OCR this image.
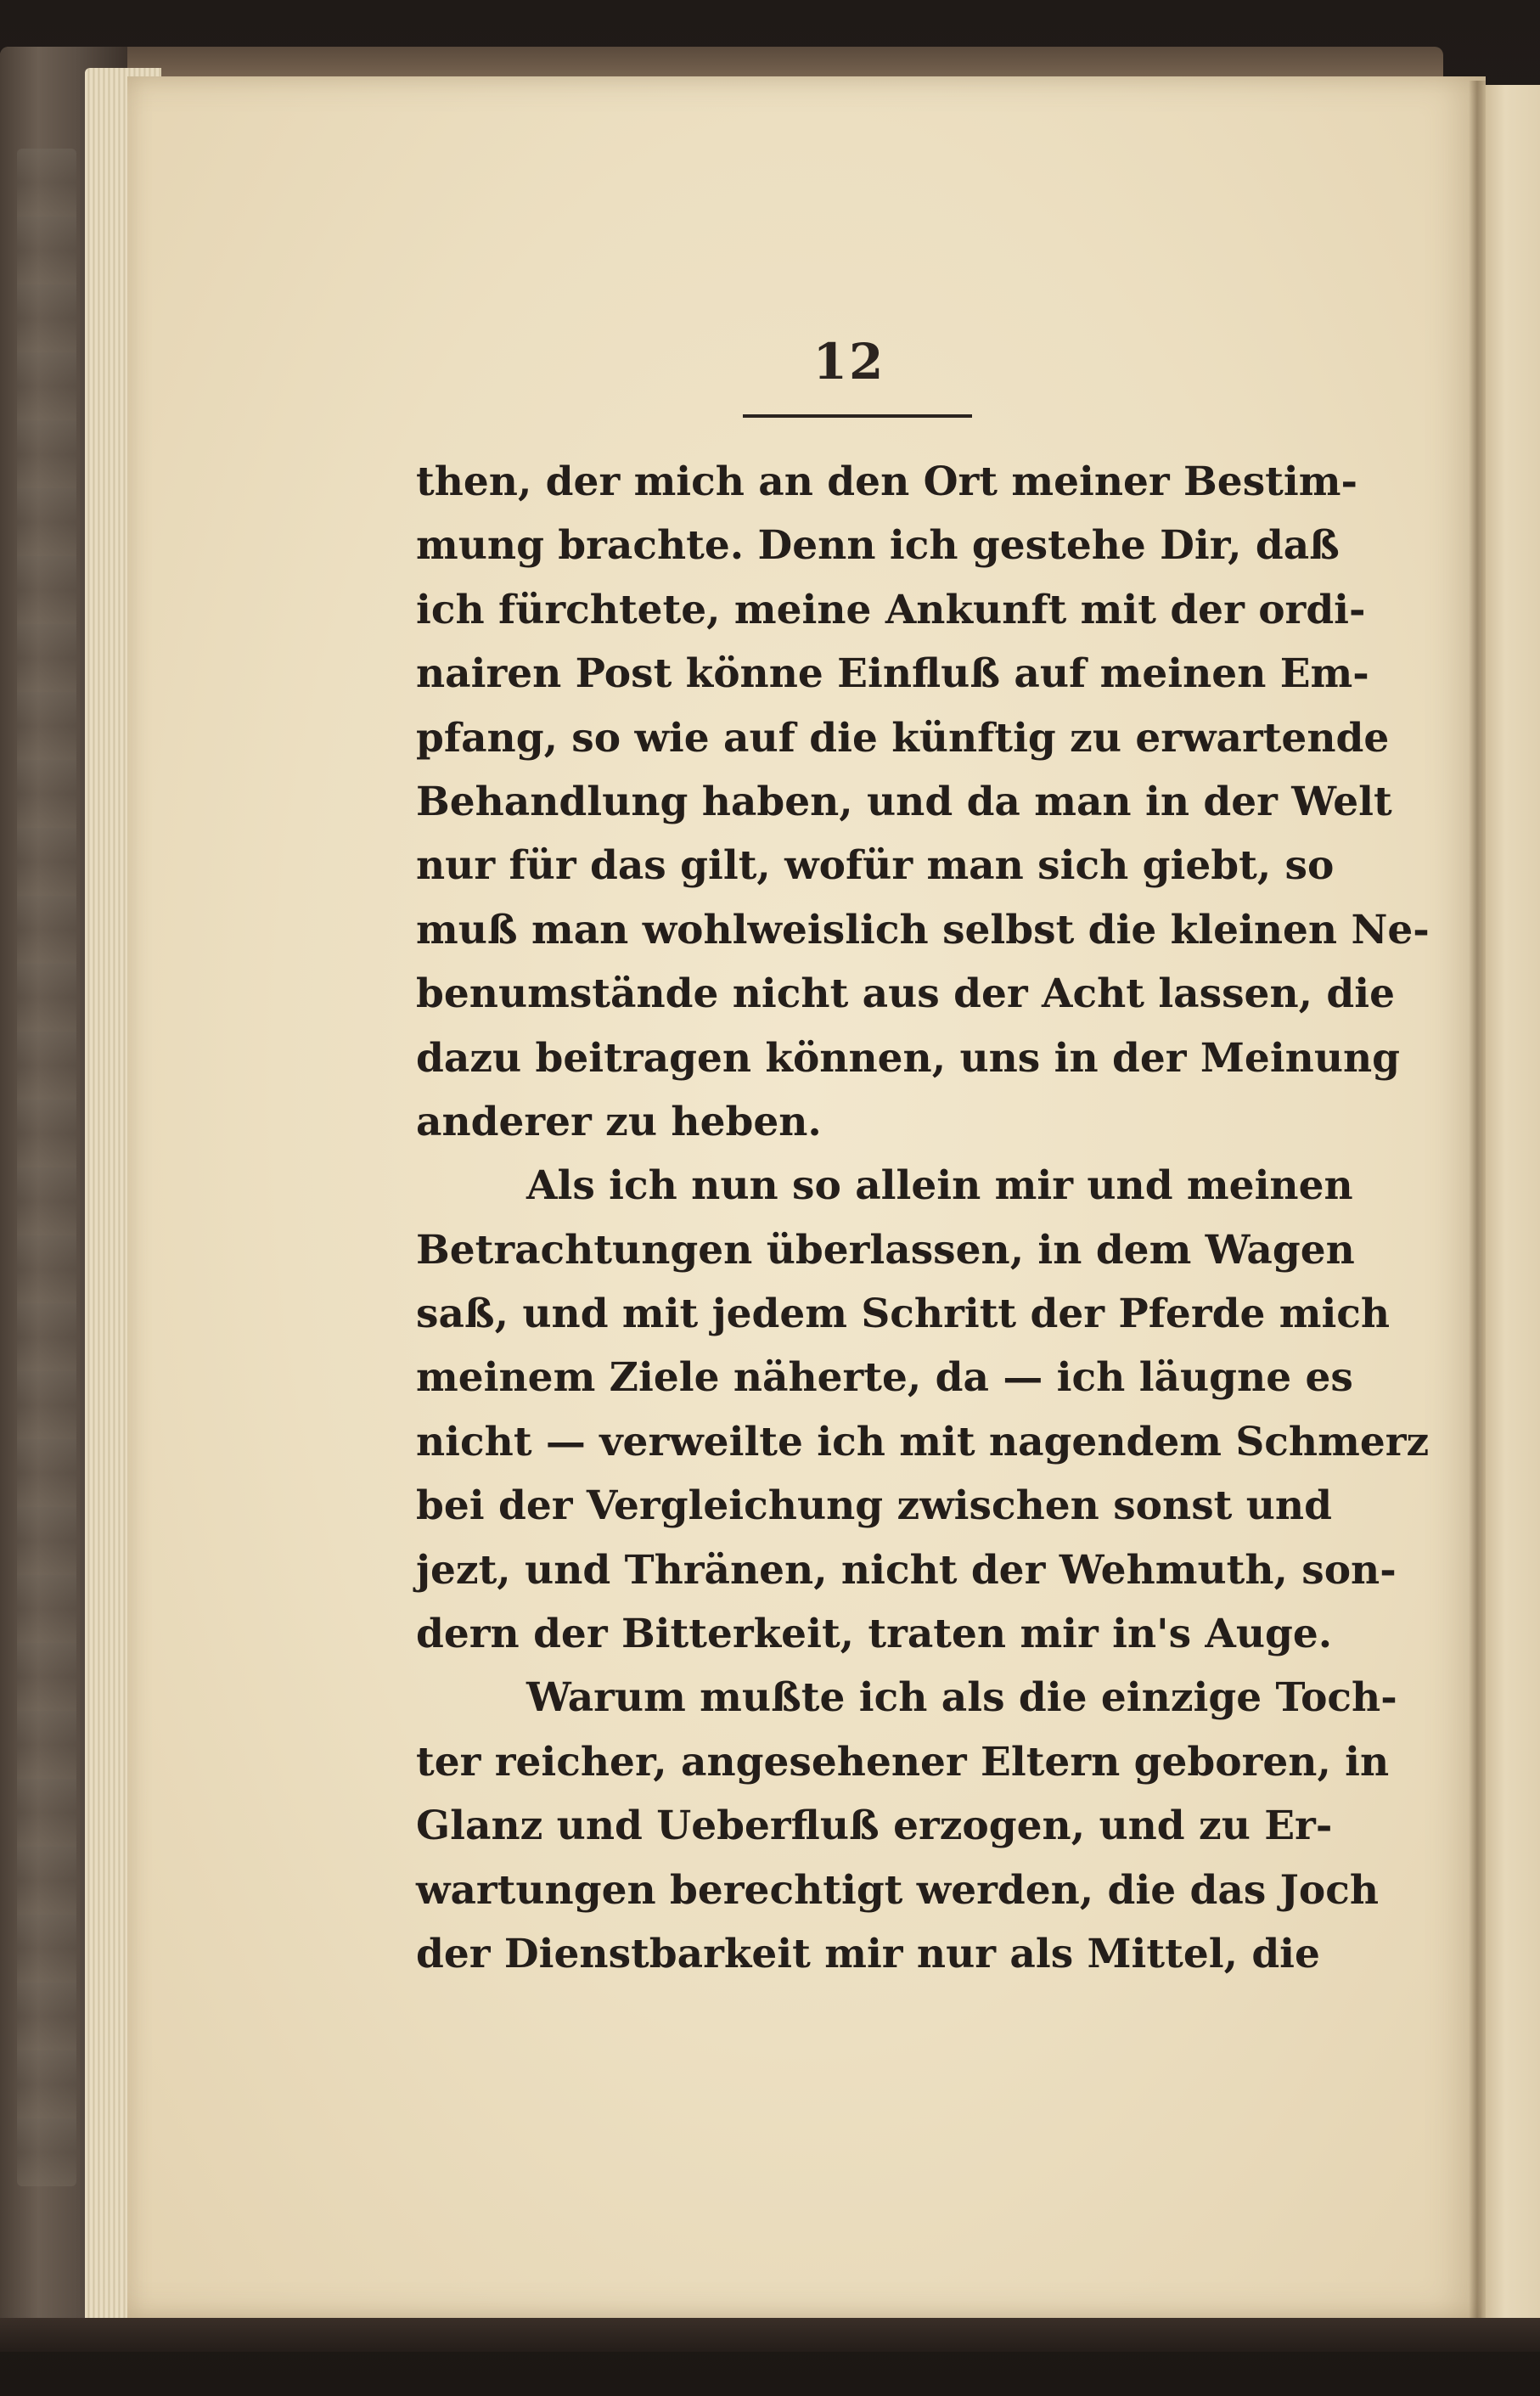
12
then, der mich an den Ort meiner Bestim-
mung brachte. Denn ich gestehe Dir, daß
ich fürchtete, meine Ankunft mit der ordi-
nairen Post könne Einfluß auf meinen Em-
pfang, so wie auf die künftig zu erwartende
Behandlung haben, und da man in der Welt
nur für das gilt, wofür man sich giebt, so
muß man wohlweislich selbst die kleinen Ne-
benumstände nicht aus der Acht lassen, die
dazu beitragen können, uns in der Meinung
anderer zu heben.
Als ich nun so allein mir und meinen
Betrachtungen überlassen, in dem Wagen
saß, und mit jedem Schritt der Pferde mich
meinem Ziele näherte, da — ich läugne es
nicht — verweilte ich mit nagendem Schmerz
bei der Vergleichung zwischen sonst und
jezt, und Thränen, nicht der Wehmuth, son-
dern der Bitterkeit, traten mir in's Auge.
Warum mußte ich als die einzige Toch-
ter reicher, angesehener Eltern geboren, in
Glanz und Ueberfluß erzogen, und zu Er-
wartungen berechtigt werden, die das Joch
der Dienstbarkeit mir nur als Mittel, die
